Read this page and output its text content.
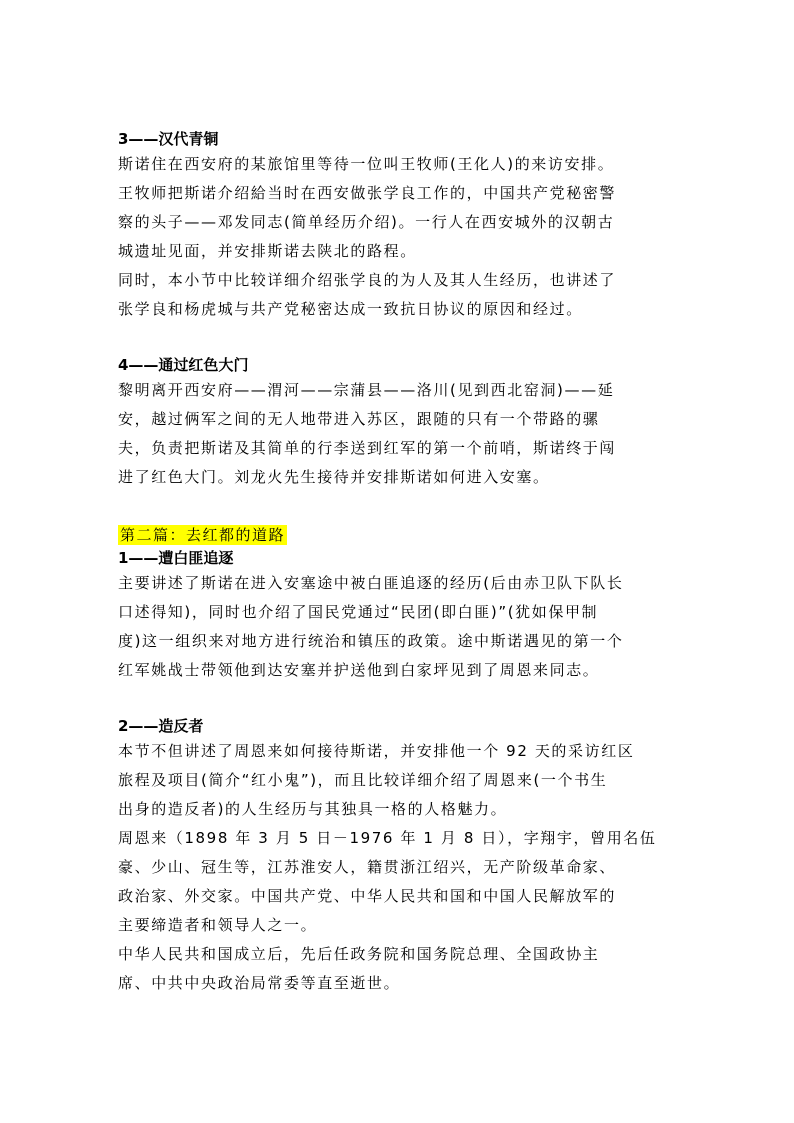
3——汉代青铜

斯诺住在西安府的某旅馆里等待一位叫王牧师(王化人)的来访安排。

王牧师把斯诺介绍給当时在西安做张学良工作的，中国共产党秘密警

察的头子——邓发同志(简单经历介绍)。一行人在西安城外的汉朝古

城遗址见面，并安排斯诺去陕北的路程。

同时，本小节中比较详细介绍张学良的为人及其人生经历，也讲述了

张学良和杨虎城与共产党秘密达成一致抗日协议的原因和经过。

4——通过红色大门

黎明离开西安府——渭河——宗蒲县——洛川(见到西北窑洞)——延

安，越过俩军之间的无人地带进入苏区，跟随的只有一个带路的骡

夫，负责把斯诺及其简单的行李送到红军的第一个前哨，斯诺终于闯

进了红色大门。刘龙火先生接待并安排斯诺如何进入安塞。

第二篇：去红都的道路

1——遭白匪追逐

主要讲述了斯诺在进入安塞途中被白匪追逐的经历(后由赤卫队下队长

口述得知)，同时也介绍了国民党通过“民团(即白匪)”(犹如保甲制

度)这一组织来对地方进行统治和镇压的政策。途中斯诺遇见的第一个

红军姚战士带领他到达安塞并护送他到白家坪见到了周恩来同志。

2——造反者

本节不但讲述了周恩来如何接待斯诺，并安排他一个 92 天的采访红区

旅程及项目(简介“红小鬼”)，而且比较详细介绍了周恩来(一个书生

出身的造反者)的人生经历与其独具一格的人格魅力。

周恩来（1898 年 3 月 5 日－1976 年 1 月 8 日），字翔宇，曾用名伍

豪、少山、冠生等，江苏淮安人，籍贯浙江绍兴，无产阶级革命家、

政治家、外交家。中国共产党、中华人民共和国和中国人民解放军的

主要缔造者和领导人之一。

中华人民共和国成立后，先后任政务院和国务院总理、全国政协主

席、中共中央政治局常委等直至逝世。
